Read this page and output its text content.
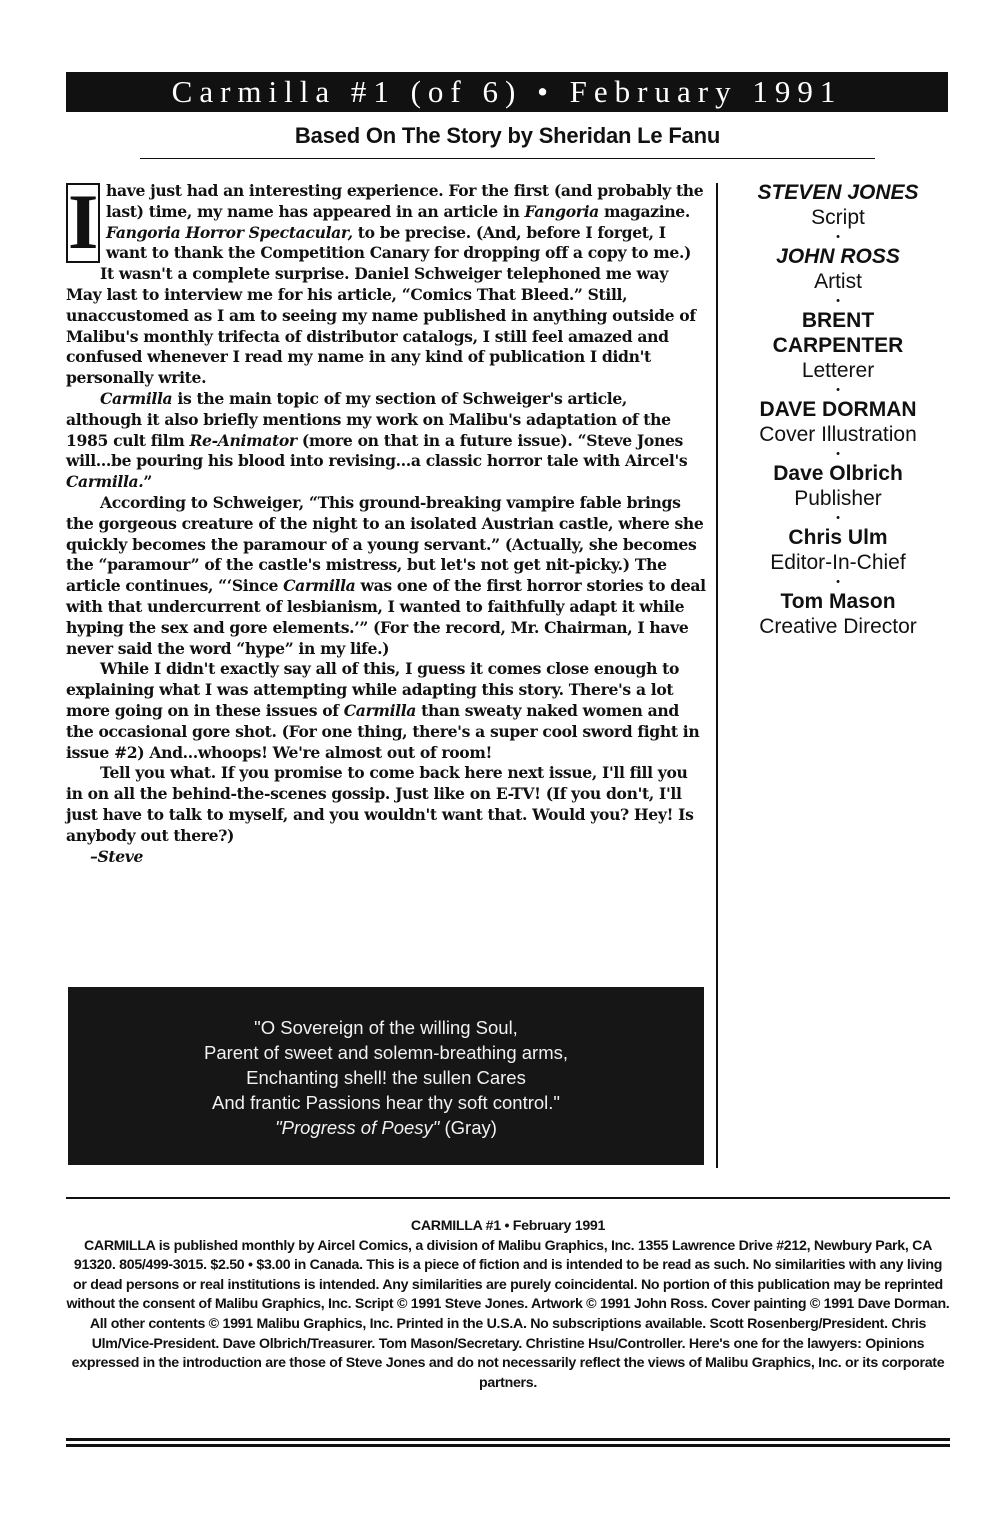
Carmilla #1 (of 6) • February 1991
Based On The Story by Sheridan Le Fanu

I have just had an interesting experience. For the first (and probably the last) time, my name has appeared in an article in Fangoria magazine. Fangoria Horror Spectacular, to be precise. (And, before I forget, I want to thank the Competition Canary for dropping off a copy to me.)

It wasn't a complete surprise. Daniel Schweiger telephoned me way May last to interview me for his article, “Comics That Bleed.” Still, unaccustomed as I am to seeing my name published in anything outside of Malibu's monthly trifecta of distributor catalogs, I still feel amazed and confused whenever I read my name in any kind of publication I didn't personally write.

Carmilla is the main topic of my section of Schweiger's article, although it also briefly mentions my work on Malibu's adaptation of the 1985 cult film Re-Animator (more on that in a future issue). “Steve Jones will…be pouring his blood into revising…a classic horror tale with Aircel's Carmilla.”

According to Schweiger, “This ground-breaking vampire fable brings the gorgeous creature of the night to an isolated Austrian castle, where she quickly becomes the paramour of a young servant.” (Actually, she becomes the “paramour” of the castle's mistress, but let's not get nit-picky.) The article continues, “‘Since Carmilla was one of the first horror stories to deal with that undercurrent of lesbianism, I wanted to faithfully adapt it while hyping the sex and gore elements.’” (For the record, Mr. Chairman, I have never said the word “hype” in my life.)

While I didn't exactly say all of this, I guess it comes close enough to explaining what I was attempting while adapting this story. There's a lot more going on in these issues of Carmilla than sweaty naked women and the occasional gore shot. (For one thing, there's a super cool sword fight in issue #2) And…whoops! We're almost out of room!

Tell you what. If you promise to come back here next issue, I'll fill you in on all the behind-the-scenes gossip. Just like on E-TV! (If you don't, I'll just have to talk to myself, and you wouldn't want that. Would you? Hey! Is anybody out there?)

–Steve
STEVEN JONES
Script
•
JOHN ROSS
Artist
•
BRENT CARPENTER
Letterer
•
DAVE DORMAN
Cover Illustration
•
Dave Olbrich
Publisher
•
Chris Ulm
Editor-In-Chief
•
Tom Mason
Creative Director
"O Sovereign of the willing Soul,
Parent of sweet and solemn-breathing arms,
Enchanting shell! the sullen Cares
And frantic Passions hear thy soft control."
"Progress of Poesy" (Gray)
CARMILLA #1 • February 1991
CARMILLA is published monthly by Aircel Comics, a division of Malibu Graphics, Inc. 1355 Lawrence Drive #212, Newbury Park, CA 91320. 805/499-3015. $2.50 • $3.00 in Canada. This is a piece of fiction and is intended to be read as such. No similarities with any living or dead persons or real institutions is intended. Any similarities are purely coincidental. No portion of this publication may be reprinted without the consent of Malibu Graphics, Inc. Script © 1991 Steve Jones. Artwork © 1991 John Ross. Cover painting © 1991 Dave Dorman. All other contents © 1991 Malibu Graphics, Inc. Printed in the U.S.A. No subscriptions available. Scott Rosenberg/President. Chris Ulm/Vice-President. Dave Olbrich/Treasurer. Tom Mason/Secretary. Christine Hsu/Controller. Here's one for the lawyers: Opinions expressed in the introduction are those of Steve Jones and do not necessarily reflect the views of Malibu Graphics, Inc. or its corporate partners.
